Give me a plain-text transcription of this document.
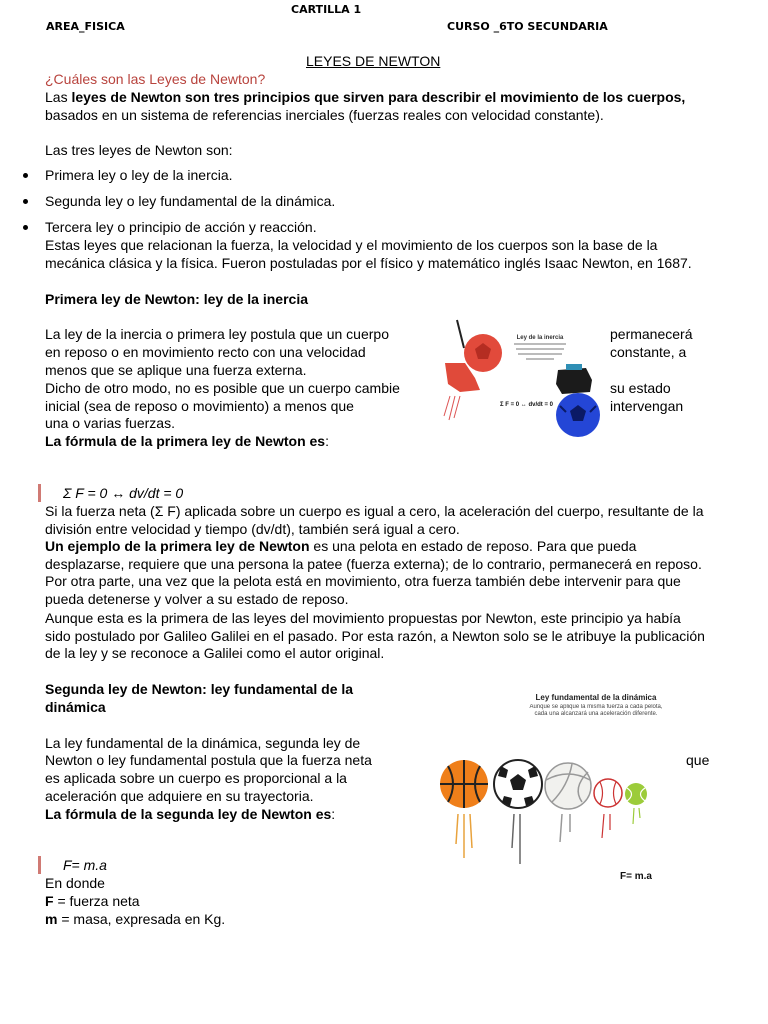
CARTILLA 1
AREA_FISICA	CURSO _6TO SECUNDARIA
LEYES DE NEWTON
¿Cuáles son las Leyes de Newton?
Las leyes de Newton son tres principios que sirven para describir el movimiento de los cuerpos, basados en un sistema de referencias inerciales (fuerzas reales con velocidad constante).
Las tres leyes de Newton son:
Primera ley o ley de la inercia.
Segunda ley o ley fundamental de la dinámica.
Tercera ley o principio de acción y reacción.
Estas leyes que relacionan la fuerza, la velocidad y el movimiento de los cuerpos son la base de la mecánica clásica y la física. Fueron postuladas por el físico y matemático inglés Isaac Newton, en 1687.
Primera ley de Newton: ley de la inercia
La ley de la inercia o primera ley postula que un cuerpo	permanecerá
en reposo o en movimiento recto con una velocidad	constante, a
menos que se aplique una fuerza externa.
Dicho de otro modo, no es posible que un cuerpo cambie	su estado
inicial (sea de reposo o movimiento) a menos que	intervengan
una o varias fuerzas.
Ley de la inercia
Σ F = 0 ↔ dv/dt = 0
La fórmula de la primera ley de Newton es:
Σ F = 0 ↔ dv/dt = 0
Si la fuerza neta (Σ F) aplicada sobre un cuerpo es igual a cero, la aceleración del cuerpo, resultante de la división entre velocidad y tiempo (dv/dt), también será igual a cero.
Un ejemplo de la primera ley de Newton es una pelota en estado de reposo. Para que pueda desplazarse, requiere que una persona la patee (fuerza externa); de lo contrario, permanecerá en reposo. Por otra parte, una vez que la pelota está en movimiento, otra fuerza también debe intervenir para que pueda detenerse y volver a su estado de reposo.
Aunque esta es la primera de las leyes del movimiento propuestas por Newton, este principio ya había sido postulado por Galileo Galilei en el pasado. Por esta razón, a Newton solo se le atribuye la publicación de la ley y se reconoce a Galilei como el autor original.
Segunda ley de Newton: ley fundamental de la
dinámica
La ley fundamental de la dinámica, segunda ley de
Newton o ley fundamental postula que la fuerza neta	que
es aplicada sobre un cuerpo es proporcional a la
aceleración que adquiere en su trayectoria.
Ley fundamental de la dinámica
Aunque se aplique la misma fuerza a cada pelota, cada una alcanzará una aceleración diferente.
F= m.a
La fórmula de la segunda ley de Newton es:
F= m.a
En donde
F = fuerza neta
m = masa, expresada en Kg.
